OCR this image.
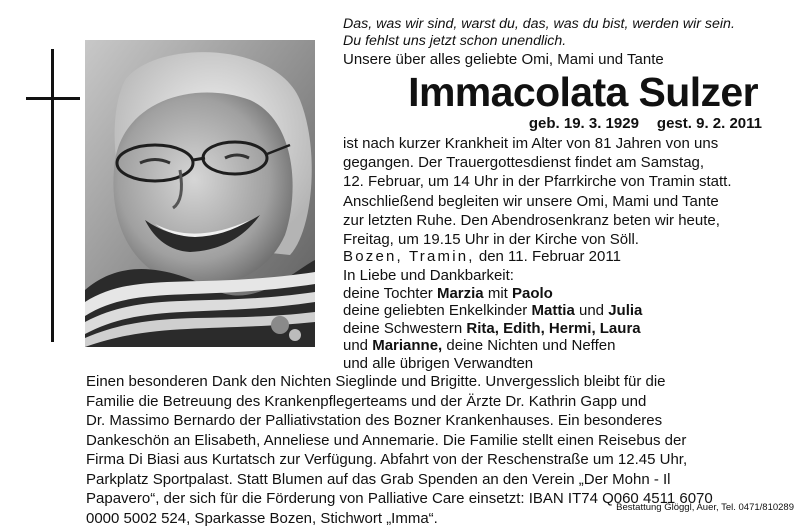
Das, was wir sind, warst du, das, was du bist, werden wir sein.
Du fehlst uns jetzt schon unendlich.
Unsere über alles geliebte Omi, Mami und Tante
Immacolata Sulzer
geb. 19. 3. 1929 gest. 9. 2. 2011
ist nach kurzer Krankheit im Alter von 81 Jahren von uns
gegangen. Der Trauergottesdienst findet am Samstag,
12. Februar, um 14 Uhr in der Pfarrkirche von Tramin statt.
Anschließend begleiten wir unsere Omi, Mami und Tante
zur letzten Ruhe. Den Abendrosenkranz beten wir heute,
Freitag, um 19.15 Uhr in der Kirche von Söll.
Bozen, Tramin, den 11. Februar 2011
In Liebe und Dankbarkeit:
deine Tochter Marzia mit Paolo
deine geliebten Enkelkinder Mattia und Julia
deine Schwestern Rita, Edith, Hermi, Laura
und Marianne, deine Nichten und Neffen
und alle übrigen Verwandten
Einen besonderen Dank den Nichten Sieglinde und Brigitte. Unvergesslich bleibt für die
Familie die Betreuung des Krankenpflegerteams und der Ärzte Dr. Kathrin Gapp und
Dr. Massimo Bernardo der Palliativstation des Bozner Krankenhauses. Ein besonderes
Dankeschön an Elisabeth, Anneliese und Annemarie. Die Familie stellt einen Reisebus der
Firma Di Biasi aus Kurtatsch zur Verfügung. Abfahrt von der Reschenstraße um 12.45 Uhr,
Parkplatz Sportpalast. Statt Blumen auf das Grab Spenden an den Verein „Der Mohn - Il
Papavero“, der sich für die Förderung von Palliative Care einsetzt: IBAN IT74 Q060 4511 6070
0000 5002 524, Sparkasse Bozen, Stichwort „Imma“.
Bestattung Glöggl, Auer, Tel. 0471/810289
